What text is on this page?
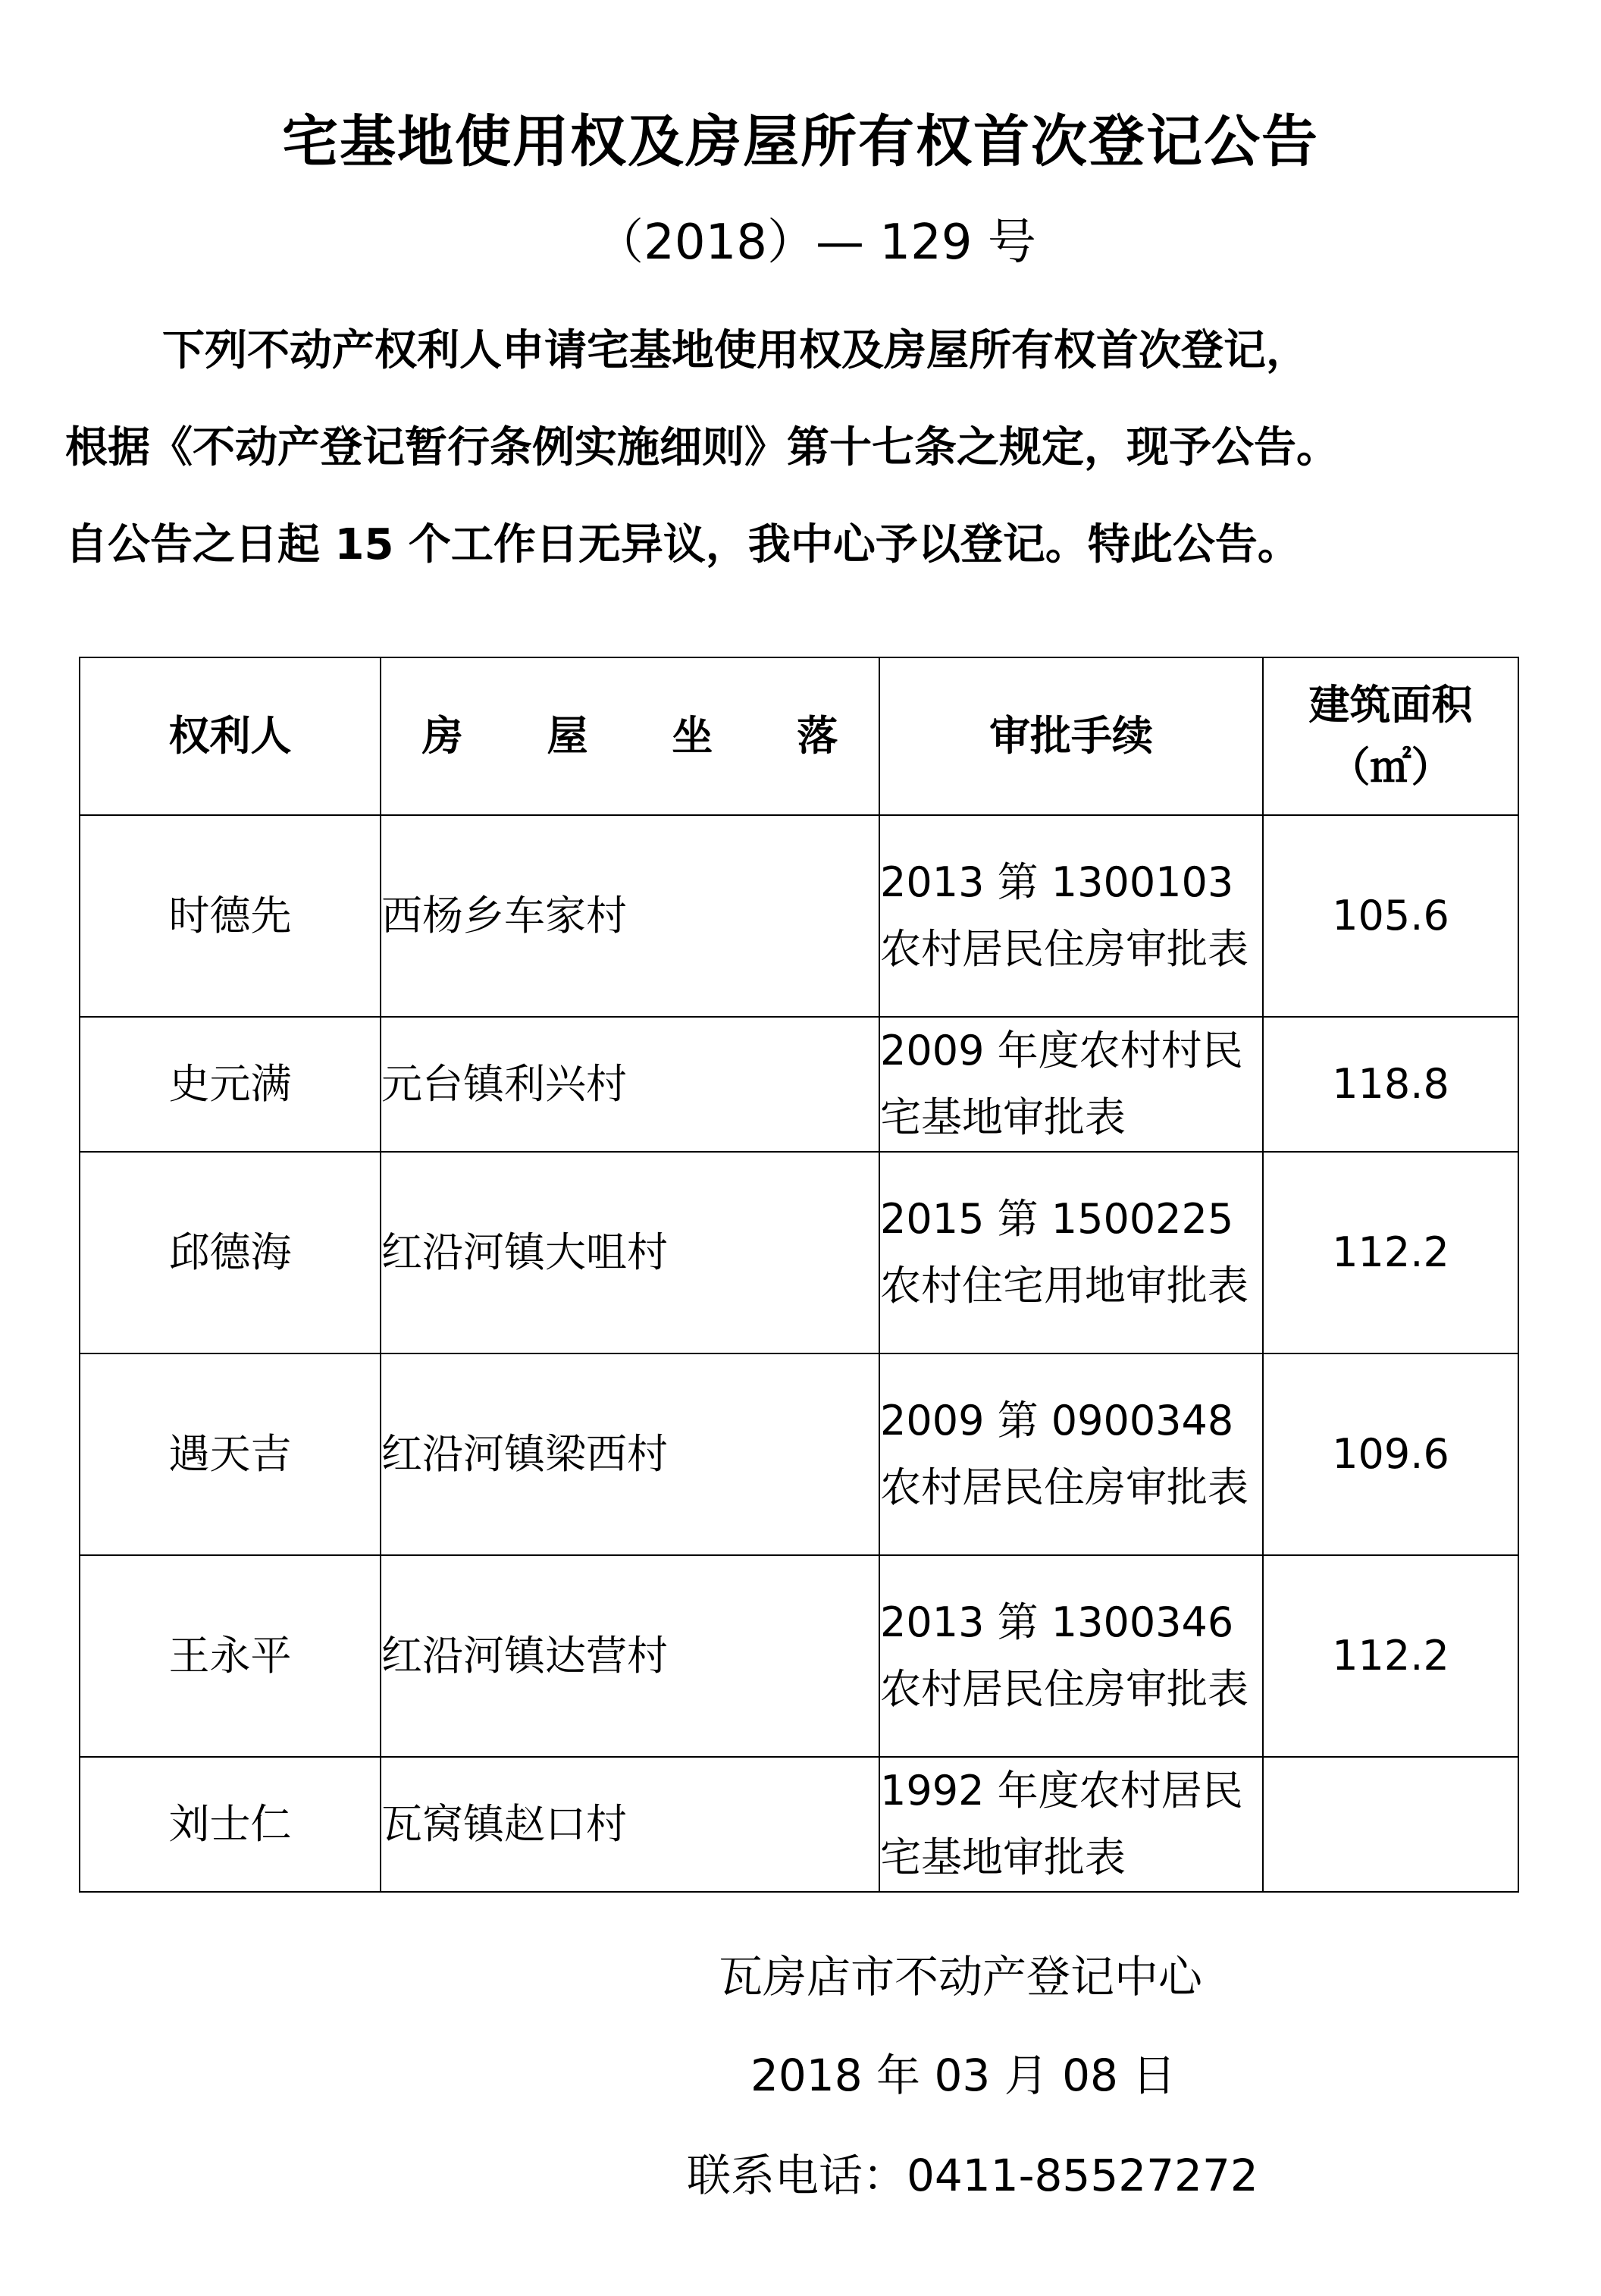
宅基地使用权及房屋所有权首次登记公告
（2018）— 129 号
下列不动产权利人申请宅基地使用权及房屋所有权首次登记，
根据《不动产登记暂行条例实施细则》第十七条之规定，现予公告。
自公告之日起 15 个工作日无异议，我中心予以登记。特此公告。
权利人	房 屋 坐 落	审批手续	建筑面积
（㎡）

时德先	西杨乡车家村	2013 第 1300103 农村居民住房审批表	105.6
史元满	元台镇利兴村	2009 年度农村村民宅基地审批表	118.8
邱德海	红沿河镇大咀村	2015 第 1500225 农村住宅用地审批表	112.2
遇天吉	红沿河镇梁西村	2009 第 0900348 农村居民住房审批表	109.6
王永平	红沿河镇达营村	2013 第 1300346 农村居民住房审批表	112.2
刘士仁	瓦窝镇赵口村	1992 年度农村居民宅基地审批表	
瓦房店市不动产登记中心
2018 年 03 月 08 日
联系电话：0411-85527272
